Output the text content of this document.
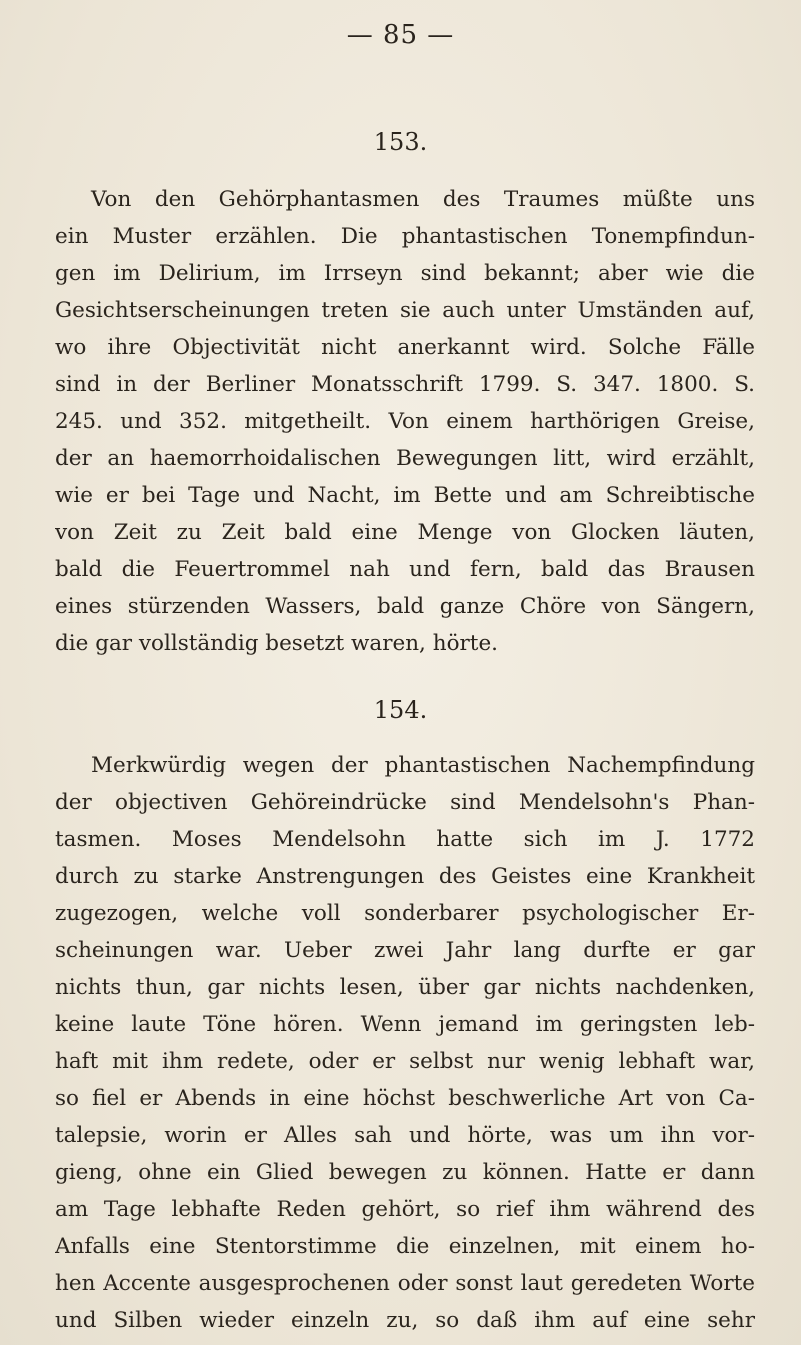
— 85 —
153.
Von den Gehörphantasmen des Traumes müßte uns
ein Muster erzählen. Die phantastischen Tonempfindun-
gen im Delirium, im Irrseyn sind bekannt; aber wie die
Gesichtserscheinungen treten sie auch unter Umständen auf,
wo ihre Objectivität nicht anerkannt wird. Solche Fälle
sind in der Berliner Monatsschrift 1799. S. 347. 1800. S.
245. und 352. mitgetheilt. Von einem harthörigen Greise,
der an haemorrhoidalischen Bewegungen litt, wird erzählt,
wie er bei Tage und Nacht, im Bette und am Schreibtische
von Zeit zu Zeit bald eine Menge von Glocken läuten,
bald die Feuertrommel nah und fern, bald das Brausen
eines stürzenden Wassers, bald ganze Chöre von Sängern,
die gar vollständig besetzt waren, hörte.
154.
Merkwürdig wegen der phantastischen Nachempfindung
der objectiven Gehöreindrücke sind Mendelsohn's Phan-
tasmen. Moses Mendelsohn hatte sich im J. 1772
durch zu starke Anstrengungen des Geistes eine Krankheit
zugezogen, welche voll sonderbarer psychologischer Er-
scheinungen war. Ueber zwei Jahr lang durfte er gar
nichts thun, gar nichts lesen, über gar nichts nachdenken,
keine laute Töne hören. Wenn jemand im geringsten leb-
haft mit ihm redete, oder er selbst nur wenig lebhaft war,
so fiel er Abends in eine höchst beschwerliche Art von Ca-
talepsie, worin er Alles sah und hörte, was um ihn vor-
gieng, ohne ein Glied bewegen zu können. Hatte er dann
am Tage lebhafte Reden gehört, so rief ihm während des
Anfalls eine Stentorstimme die einzelnen, mit einem ho-
hen Accente ausgesprochenen oder sonst laut geredeten Worte
und Silben wieder einzeln zu, so daß ihm auf eine sehr
